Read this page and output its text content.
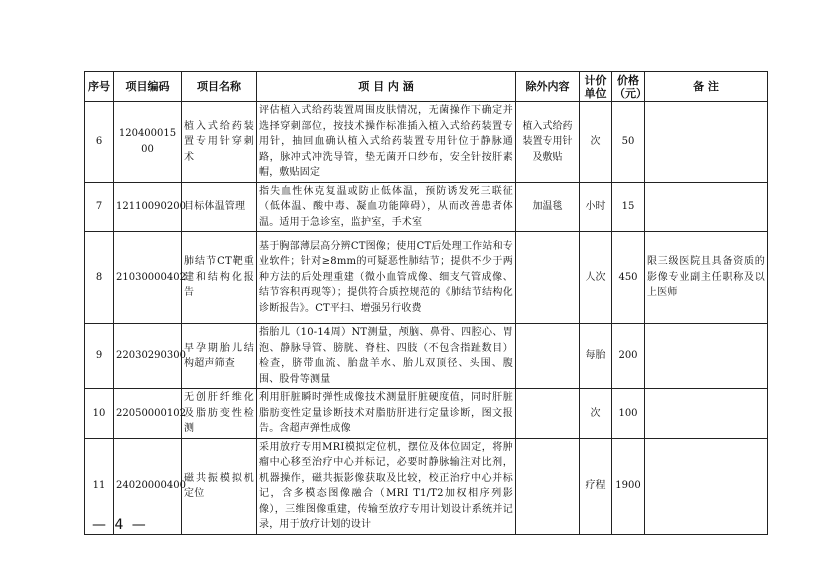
序号	项目编码	项目名称	项 目 内 涵	除外内容	计价单位	价格（元）	备 注
6	120400015​00	植入式给药装置专用针穿刺术	评估植入式给药装置周围皮肤情况，无菌操作下确定并选择穿刺部位，按技术操作标准插入植入式给药装置专用针，抽回血确认植入式给药装置专用针位于静脉通路，脉冲式冲洗导管，垫无菌开口纱布，安全针按肝素帽，敷贴固定	植入式给药装置专用针及敷贴	次	50	
7	12110090200	目标体温管理	指失血性休克复温或防止低体温，预防诱发死三联征（低体温、酸中毒、凝血功能障碍），从而改善患者体温。适用于急诊室，监护室，手术室	加温毯	小时	15	
8	21030000402	肺结节CT靶重建和结构化报告	基于胸部薄层高分辨CT图像；使用CT后处理工作站和专业软件；针对≥8mm的可疑恶性肺结节；提供不少于两种方法的后处理重建（微小血管成像、细支气管成像、结节容积再现等）；提供符合质控规范的《肺结节结构化诊断报告》。CT平扫、增强另行收费		人次	450	限三级医院且具备资质的影像专业副主任职称及以上医师
9	22030290300	早孕期胎儿结构超声筛查	指胎儿（10-14周）NT测量，颅脑、鼻骨、四腔心、胃泡、静脉导管、膀胱、脊柱、四肢（不包含指趾数目）检查，脐带血流、胎盘羊水、胎儿双顶径、头围、腹围、股骨等测量		每胎	200	
10	22050000102	无创肝纤维化及脂肪变性检测	利用肝脏瞬时弹性成像技术测量肝脏硬度值，同时肝脏脂肪变性定量诊断技术对脂肪肝进行定量诊断，图文报告。含超声弹性成像		次	100	
11	24020000400	磁共振模拟机定位	采用放疗专用MRI模拟定位机，摆位及体位固定，将肿瘤中心移至治疗中心并标记，必要时静脉输注对比剂，机器操作，磁共振影像获取及比较，校正治疗中心并标记，含多模态图像融合（MRI T1/T2加权相序列影像），三维图像重建，传输至放疗专用计划设计系统并记录，用于放疗计划的设计		疗程	1900	
— 4 —
